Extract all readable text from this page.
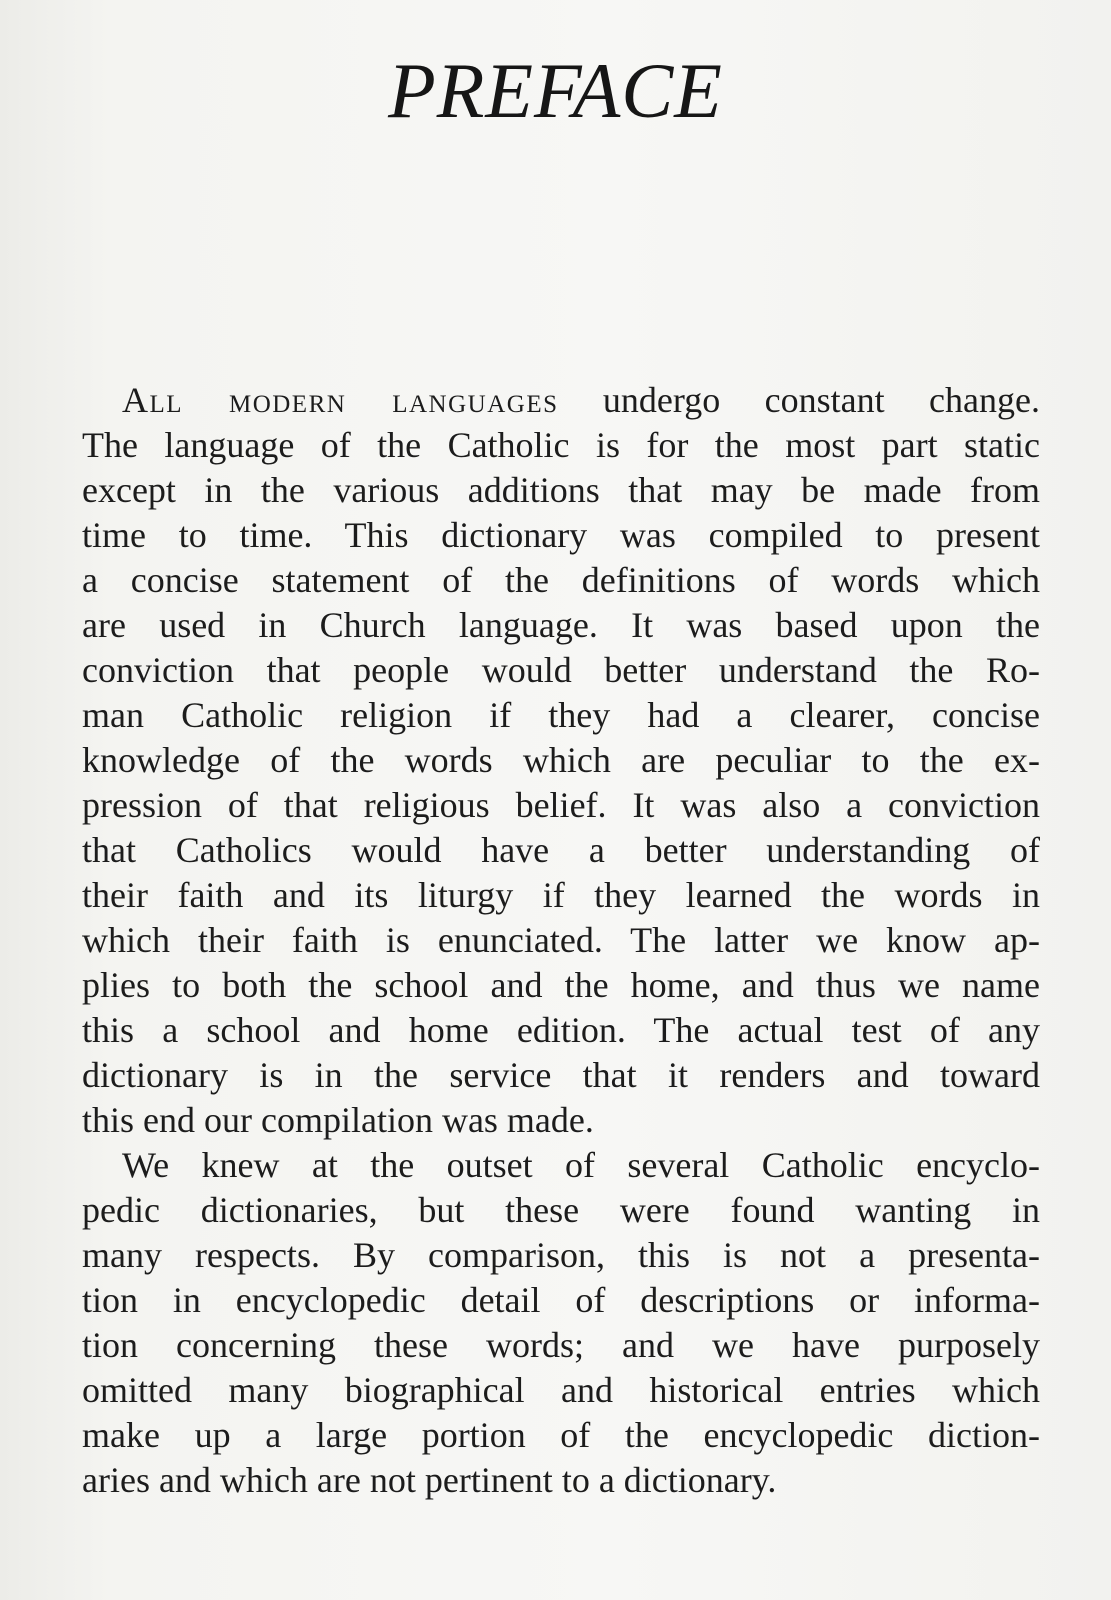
PREFACE
All modern languages undergo constant change.
The language of the Catholic is for the most part static
except in the various additions that may be made from
time to time. This dictionary was compiled to present
a concise statement of the definitions of words which
are used in Church language. It was based upon the
conviction that people would better understand the Ro-
man Catholic religion if they had a clearer, concise
knowledge of the words which are peculiar to the ex-
pression of that religious belief. It was also a conviction
that Catholics would have a better understanding of
their faith and its liturgy if they learned the words in
which their faith is enunciated. The latter we know ap-
plies to both the school and the home, and thus we name
this a school and home edition. The actual test of any
dictionary is in the service that it renders and toward
this end our compilation was made.
We knew at the outset of several Catholic encyclo-
pedic dictionaries, but these were found wanting in
many respects. By comparison, this is not a presenta-
tion in encyclopedic detail of descriptions or informa-
tion concerning these words; and we have purposely
omitted many biographical and historical entries which
make up a large portion of the encyclopedic diction-
aries and which are not pertinent to a dictionary.
